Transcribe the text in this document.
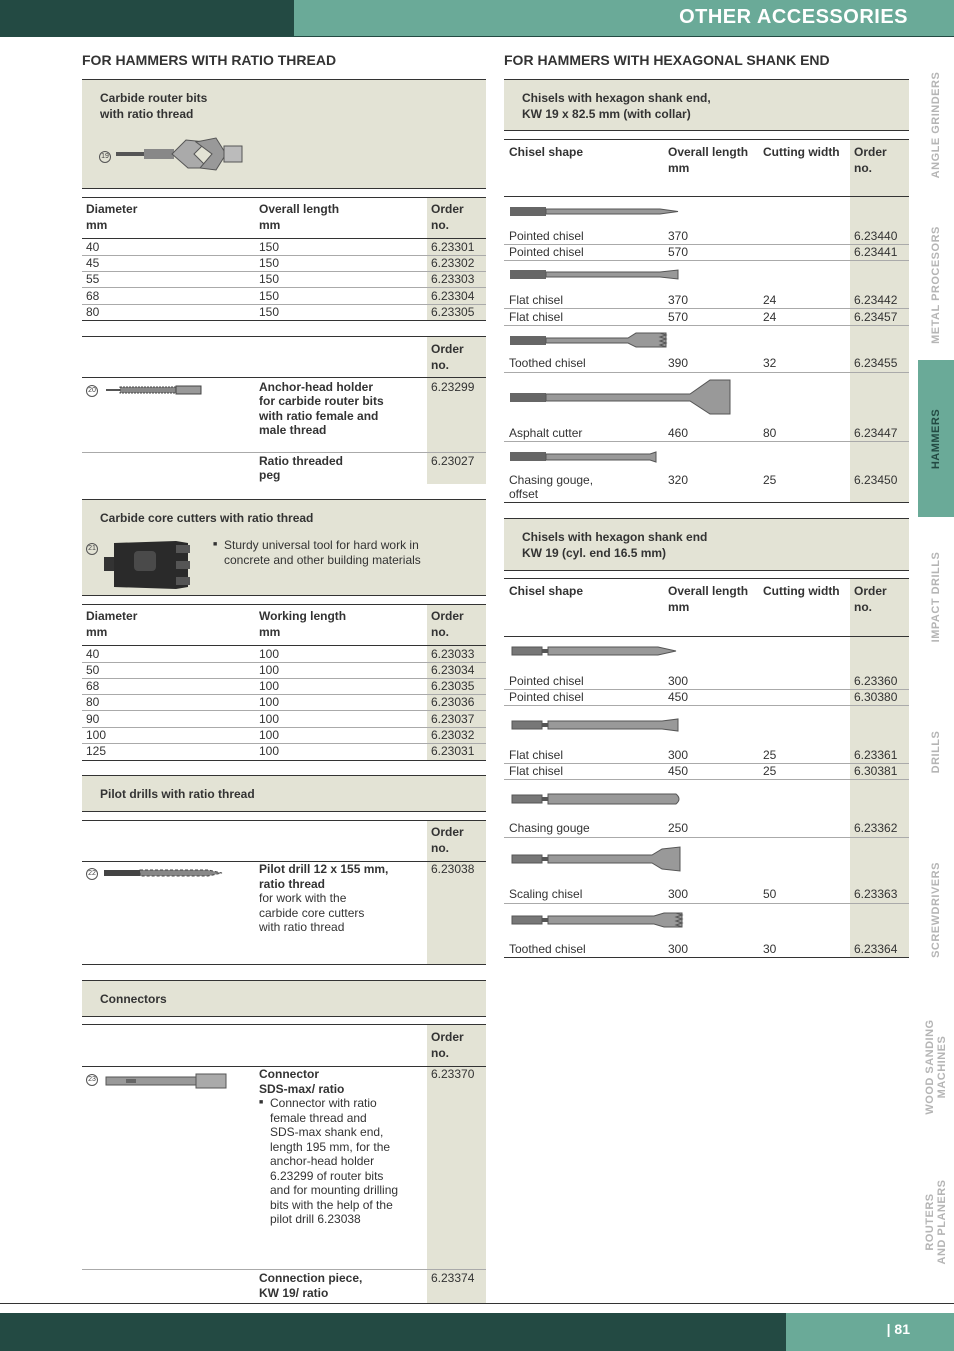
OTHER ACCESSORIES
FOR HAMMERS WITH RATIO THREAD	FOR HAMMERS WITH HEXAGONAL SHANK END
Carbide router bits
with ratio thread
19
Diameter
mm
Overall length
mm
Order
no.
40	150	6.23301
45	150	6.23302
55	150	6.23303
68	150	6.23304
80	150	6.23305
Order
no.
20	Anchor-head holder
for carbide router bits
with ratio female and
male thread
6.23299
Ratio threaded
peg
6.23027
Carbide core cutters with ratio thread
21
■	Sturdy universal tool for hard work in
concrete and other building materials
Diameter
mm
Working length
mm
Order
no.
40	100	6.23033
50	100	6.23034
68	100	6.23035
80	100	6.23036
90	100	6.23037
100	100	6.23032
125	100	6.23031
Pilot drills with ratio thread
Order
no.
22	Pilot drill 12 x 155 mm,
ratio thread
for work with the
carbide core cutters
with ratio thread
6.23038
Connectors
Order
no.
23	Connector
SDS-max/ ratio
■ Connector with ratio
female thread and
SDS-max shank end,
length 195 mm, for the
anchor-head holder
6.23299 of router bits
and for mounting drilling
bits with the help of the
pilot drill 6.23038
6.23370
Connection piece,
KW 19/ ratio
6.23374
Chisels with hexagon shank end,
KW 19 x 82.5 mm (with collar)
Chisel shape	Overall length
mm
Cutting width Order
no.
Pointed chisel	370	6.23440
Pointed chisel	570	6.23441
Flat chisel	370	24	6.23442
Flat chisel	570	24	6.23457
Toothed chisel	390	32	6.23455
Asphalt cutter	460	80	6.23447
Chasing gouge,
offset
320	25	6.23450
Chisels with hexagon shank end
KW 19 (cyl. end 16.5 mm)
Chisel shape	Overall length
mm
Cutting width Order
no.
Pointed chisel	300	6.23360
Pointed chisel	450	6.30380
Flat chisel	300	25	6.23361
Flat chisel	450	25	6.30381
Chasing gouge	250	6.23362
Scaling chisel	300	50	6.23363
Toothed chisel	300	30	6.23364
ANGLE GRINDERS
METAL PROCESORS
HAMMERS
IMPACT DRILLS
DRILLS
SCREWDRIVERS
WOOD SANDING
MACHINES
ROUTERS
AND PLANERS
| 81
